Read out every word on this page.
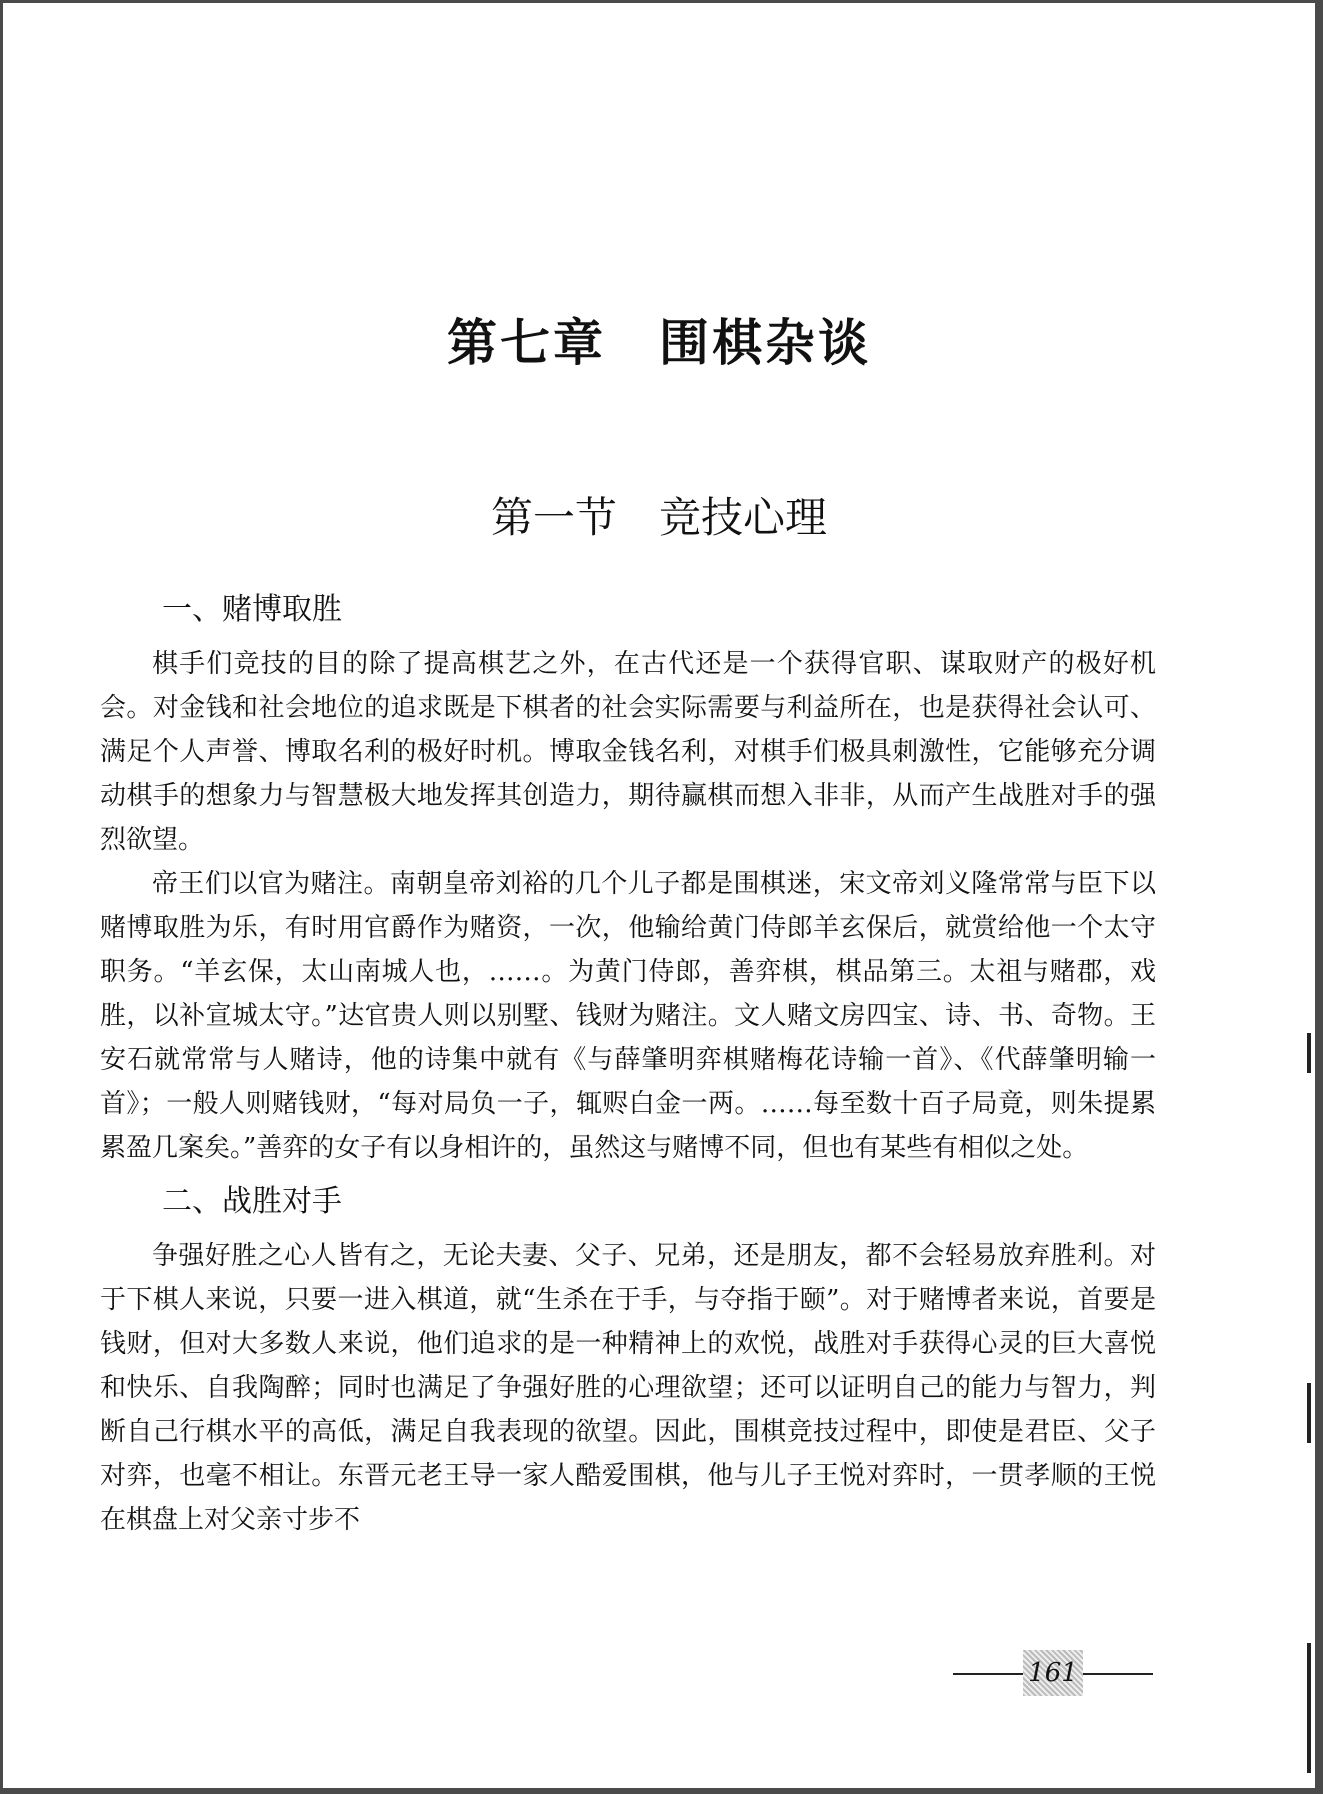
第七章　围棋杂谈
第一节　竞技心理
一、赌博取胜

棋手们竞技的目的除了提高棋艺之外，在古代还是一个获得官职、谋取财产的极好机会。对金钱和社会地位的追求既是下棋者的社会实际需要与利益所在，也是获得社会认可、满足个人声誉、博取名利的极好时机。博取金钱名利，对棋手们极具刺激性，它能够充分调动棋手的想象力与智慧极大地发挥其创造力，期待赢棋而想入非非，从而产生战胜对手的强烈欲望。

帝王们以官为赌注。南朝皇帝刘裕的几个儿子都是围棋迷，宋文帝刘义隆常常与臣下以赌博取胜为乐，有时用官爵作为赌资，一次，他输给黄门侍郎羊玄保后，就赏给他一个太守职务。“羊玄保，太山南城人也，……。为黄门侍郎，善弈棋，棋品第三。太祖与赌郡，戏胜，以补宣城太守。”达官贵人则以别墅、钱财为赌注。文人赌文房四宝、诗、书、奇物。王安石就常常与人赌诗，他的诗集中就有《与薛肇明弈棋赌梅花诗输一首》、《代薛肇明输一首》；一般人则赌钱财，“每对局负一子，辄赆白金一两。……每至数十百子局竟，则朱提累累盈几案矣。”善弈的女子有以身相许的，虽然这与赌博不同，但也有某些有相似之处。

二、战胜对手

争强好胜之心人皆有之，无论夫妻、父子、兄弟，还是朋友，都不会轻易放弃胜利。对于下棋人来说，只要一进入棋道，就“生杀在于手，与夺指于颐”。对于赌博者来说，首要是钱财，但对大多数人来说，他们追求的是一种精神上的欢悦，战胜对手获得心灵的巨大喜悦和快乐、自我陶醉；同时也满足了争强好胜的心理欲望；还可以证明自己的能力与智力，判断自己行棋水平的高低，满足自我表现的欲望。因此，围棋竞技过程中，即使是君臣、父子对弈，也毫不相让。东晋元老王导一家人酷爱围棋，他与儿子王悦对弈时，一贯孝顺的王悦在棋盘上对父亲寸步不

161
